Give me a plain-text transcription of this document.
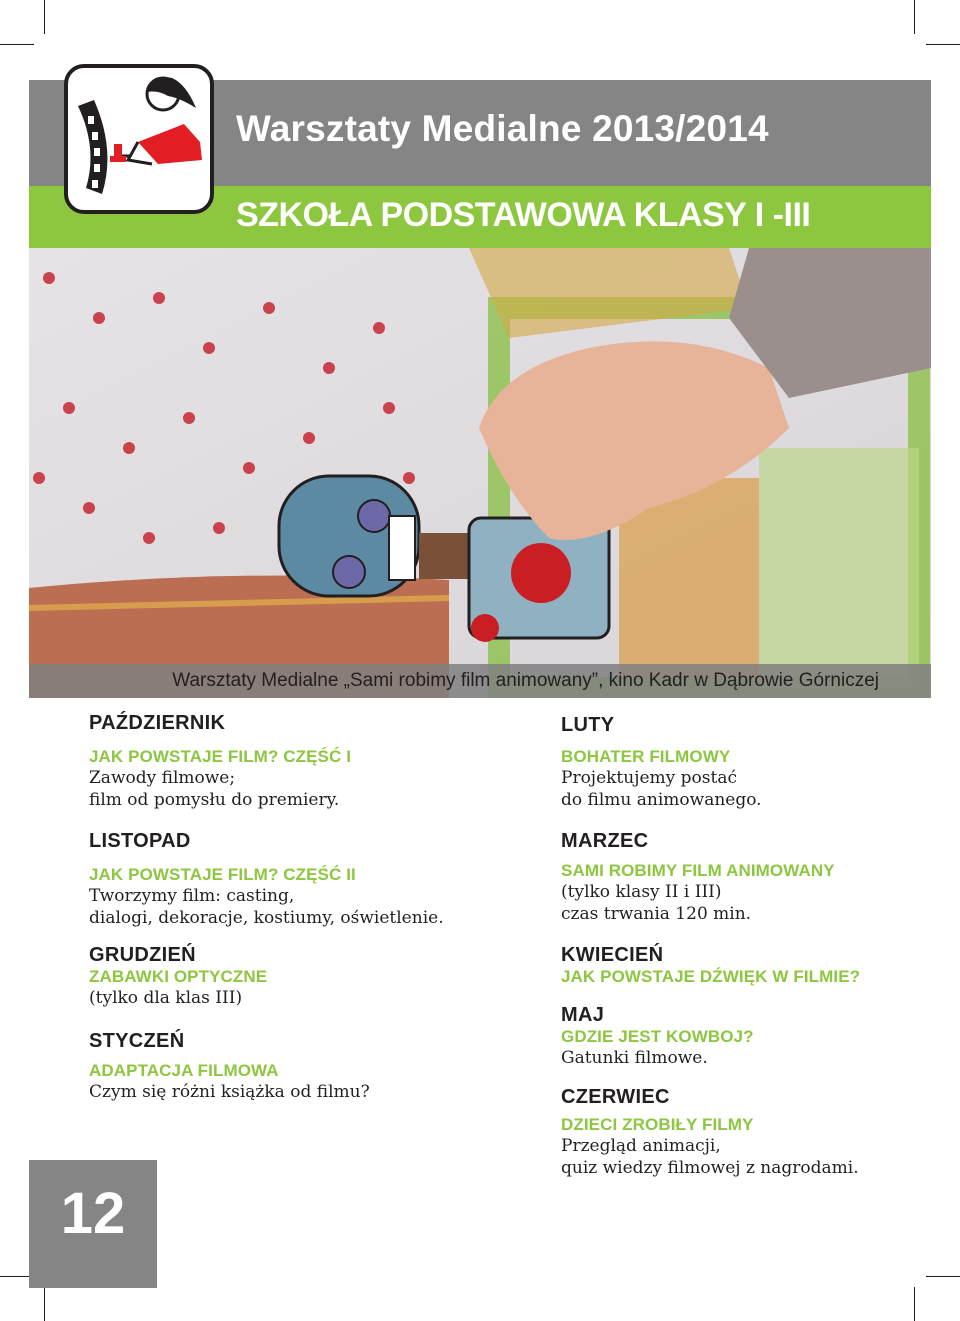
Warsztaty Medialne 2013/2014
SZKOŁA PODSTAWOWA KLASY I -III
Warsztaty Medialne „Sami robimy film animowany”, kino Kadr w Dąbrowie Górniczej

PAŹDZIERNIK

JAK POWSTAJE FILM? CZĘŚĆ I

Zawody filmowe;

film od pomysłu do premiery.

LISTOPAD

JAK POWSTAJE FILM? CZĘŚĆ II

Tworzymy film: casting,

dialogi, dekoracje, kostiumy, oświetlenie.

GRUDZIEŃ

ZABAWKI OPTYCZNE

(tylko dla klas III)

STYCZEŃ

ADAPTACJA FILMOWA

Czym się różni książka od filmu?

LUTY

BOHATER FILMOWY

Projektujemy postać

do filmu animowanego.

MARZEC

SAMI ROBIMY FILM ANIMOWANY

(tylko klasy II i III)

czas trwania 120 min.

KWIECIEŃ

JAK POWSTAJE DŹWIĘK W FILMIE?

MAJ

GDZIE JEST KOWBOJ?

Gatunki filmowe.

CZERWIEC

DZIECI ZROBIŁY FILMY

Przegląd animacji,

quiz wiedzy filmowej z nagrodami.

12
